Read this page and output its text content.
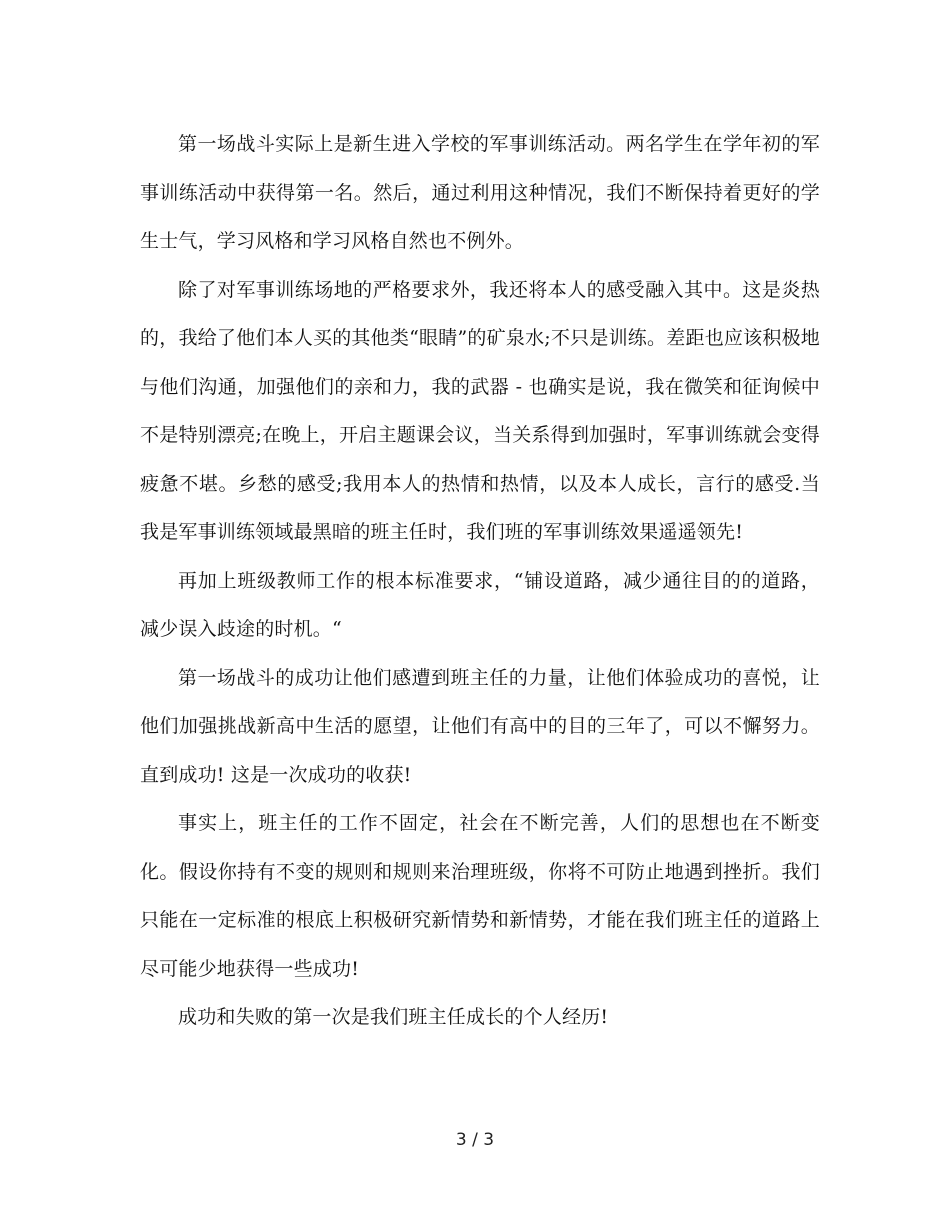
第一场战斗实际上是新生进入学校的军事训练活动。两名学生在学年初的军事训练活动中获得第一名。然后，通过利用这种情况，我们不断保持着更好的学生士气，学习风格和学习风格自然也不例外。

除了对军事训练场地的严格要求外，我还将本人的感受融入其中。这是炎热的，我给了他们本人买的其他类“眼睛”的矿泉水;不只是训练。差距也应该积极地与他们沟通，加强他们的亲和力，我的武器 - 也确实是说，我在微笑和征询候中不是特别漂亮;在晚上，开启主题课会议，当关系得到加强时，军事训练就会变得疲惫不堪。乡愁的感受;我用本人的热情和热情，以及本人成长，言行的感受.当我是军事训练领域最黑暗的班主任时，我们班的军事训练效果遥遥领先!

再加上班级教师工作的根本标准要求，“铺设道路，减少通往目的的道路，减少误入歧途的时机。“

第一场战斗的成功让他们感遭到班主任的力量，让他们体验成功的喜悦，让他们加强挑战新高中生活的愿望，让他们有高中的目的三年了，可以不懈努力。直到成功! 这是一次成功的收获!

事实上，班主任的工作不固定，社会在不断完善，人们的思想也在不断变化。假设你持有不变的规则和规则来治理班级，你将不可防止地遇到挫折。我们只能在一定标准的根底上积极研究新情势和新情势，才能在我们班主任的道路上尽可能少地获得一些成功!

成功和失败的第一次是我们班主任成长的个人经历!

3 / 3
